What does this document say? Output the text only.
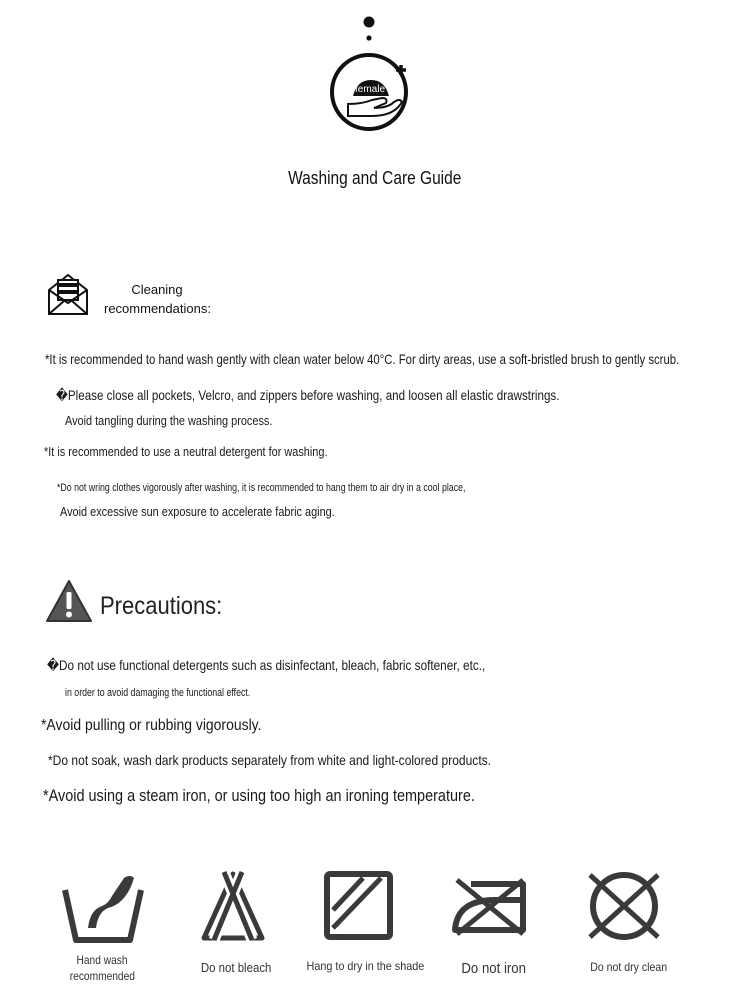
female
Washing and Care Guide
Cleaning
recommendations:
*It is recommended to hand wash gently with clean water below 40°C. For dirty areas, use a soft-bristled brush to gently scrub.
�Please close all pockets, Velcro, and zippers before washing, and loosen all elastic drawstrings.
Avoid tangling during the washing process.
*It is recommended to use a neutral detergent for washing.
*Do not wring clothes vigorously after washing, it is recommended to hang them to air dry in a cool place,
Avoid excessive sun exposure to accelerate fabric aging.
Precautions:
�Do not use functional detergents such as disinfectant, bleach, fabric softener, etc.,
in order to avoid damaging the functional effect.
*Avoid pulling or rubbing vigorously.
*Do not soak, wash dark products separately from white and light-colored products.
*Avoid using a steam iron, or using too high an ironing temperature.
Hand wash
recommended
Do not bleach	Hang to dry in the shade	Do not iron	Do not dry clean
